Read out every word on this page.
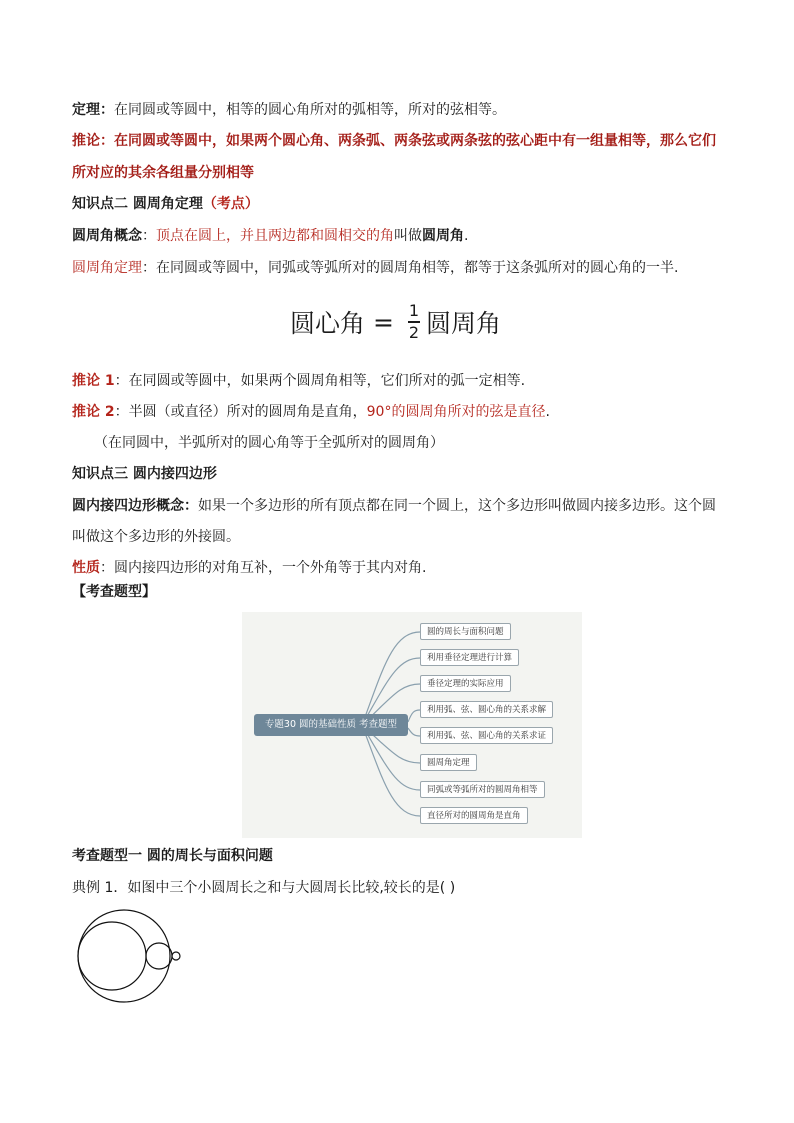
定理：在同圆或等圆中，相等的圆心角所对的弧相等，所对的弦相等。
推论：在同圆或等圆中，如果两个圆心角、两条弧、两条弦或两条弦的弦心距中有一组量相等，那么它们
所对应的其余各组量分别相等
知识点二 圆周角定理（考点）
圆周角概念：顶点在圆上，并且两边都和圆相交的角叫做圆周角.
圆周角定理：在同圆或等圆中，同弧或等弧所对的圆周角相等，都等于这条弧所对的圆心角的一半.
圆心角 = $\frac{1}{2}$ 圆周角
推论 1：在同圆或等圆中，如果两个圆周角相等，它们所对的弧一定相等.
推论 2：半圆（或直径）所对的圆周角是直角，90°的圆周角所对的弦是直径.
（在同圆中，半弧所对的圆心角等于全弧所对的圆周角）
知识点三 圆内接四边形
圆内接四边形概念：如果一个多边形的所有顶点都在同一个圆上，这个多边形叫做圆内接多边形。这个圆
叫做这个多边形的外接圆。
性质：圆内接四边形的对角互补，一个外角等于其内对角.
【考查题型】
专题30 圆的基础性质 考查题型
圆的周长与面积问题
利用垂径定理进行计算
垂径定理的实际应用
利用弧、弦、圆心角的关系求解
利用弧、弦、圆心角的关系求证
圆周角定理
同弧或等弧所对的圆周角相等
直径所对的圆周角是直角
考查题型一 圆的周长与面积问题
典例 1．如图中三个小圆周长之和与大圆周长比较,较长的是( )
